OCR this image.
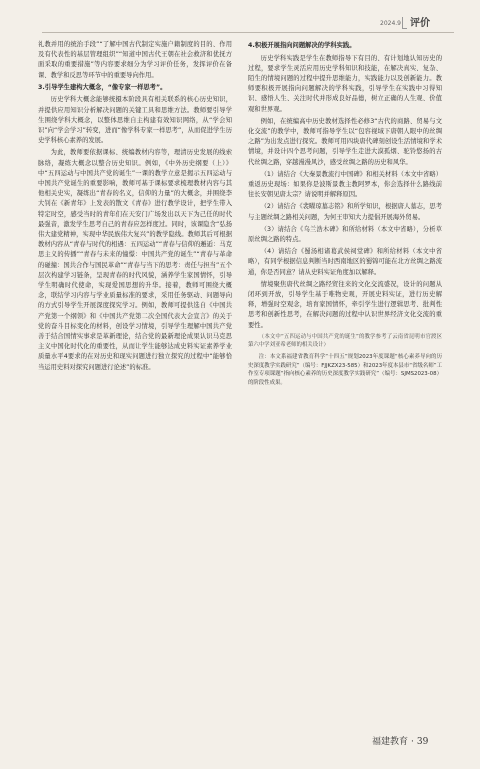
2024.9 评价

礼教并用的统治手段”“了解中国古代制定实施户籍制度的目的、作用及有代表性的基层管理组织”“知道中国古代王朝在社会救济和优抚方面采取的重要措施”等内容要求细分为学习评价任务，发挥评价在备课、教学和反思等环节中的重要导向作用。

3.引导学生建构大概念，“像专家一样思考”。

历史学科大概念能够统摄本阶段具有相关联系的核心历史知识，并提供应用知识分析解决问题的关键工具和思维方法。教师要引导学生围绕学科大概念，以整体思维自主构建有效知识网络，从“学会知识”向“学会学习”转变，进而“像学科专家一样思考”，从而促进学生历史学科核心素养的发展。

为此，教师要依据课标、统编教材内容等，理清历史发展的线索脉络，凝练大概念以整合历史知识。例如，《中外历史纲要（上）》中“五四运动与中国共产党的诞生”一课的教学立意是揭示五四运动与中国共产党诞生的重要影响，教师可基于课标要求梳理教材内容与其他相关史实，凝练出“青春的名义，信仰的力量”的大概念，并围绕李大钊在《新青年》上发表的散文《青春》进行教学设计，把学生带入特定时空，感受当时的青年们在天安门广场发出以天下为己任的时代最强音，激发学生思考自己的青春应怎样度过。同时，该课隐含“弘扬伟大建党精神，实现中华民族伟大复兴”的教学隐线。教师其后可根据教材内容从“青春与时代的相遇：五四运动”“青春与信仰的邂逅：马克思主义的传播”“青春与未来的憧憬：中国共产党的诞生”“青春与革命的碰撞：国共合作与国民革命”“青春与当下的思考：责任与担当”五个层次构建学习链条，呈现青春的时代风貌，涵养学生家国情怀，引导学生明确时代使命，实现爱国思想的升华。接着，教师可围绕大概念，联结学习内容与学业质量标准的要求，采用任务驱动、问题导向的方式引导学生开展深度探究学习。例如，教师可提供选自《中国共产党第一个纲领》和《中国共产党第二次全国代表大会宣言》的关于党的奋斗目标变化的材料，创设学习情境，引导学生理解中国共产党善于结合国情实事求是革新理论，结合党的最新理论成果认识马克思主义中国化时代化的重要性，从而让学生能够达成史料实证素养学业质量水平4要求的在对历史和现实问题进行独立探究的过程中“能够恰当运用史料对探究问题进行论述”的标准。

4.积极开展指向问题解决的学科实践。

历史学科实践是学生在教师指导下有目的、有计划地认知历史的过程，要求学生灵活应用历史学科知识和技能，在解决真实、复杂、陌生的情境问题的过程中提升思维能力，实践能力以及创新能力。教师要积极开展指向问题解决的学科实践，引导学生在实践中习得知识、感悟人生、关注时代并形成良好品德，树立正确的人生观、价值观和世界观。

例如，在统编高中历史教材选择性必修3“古代的商路、贸易与文化交流”的教学中，教师可指导学生以“包容视域下唐朝人眼中的丝绸之路”为出发点进行探究。教师可用四块唐代碑刻创设生活情境和学术情境，并设计四个思考问题，引导学生走进大漠孤烟、驼铃悠扬的古代丝绸之路，穿越漫漫风沙，感受丝绸之路的历史和风华。

（1）请结合《大秦景教流行中国碑》和相关材料（本文中省略）重返历史现场：如果你是波斯景教主教阿罗本，你会选择什么路线前往长安朝见唐太宗？请说明并解释原因。

（2）请结合《裴曜琼墓志铭》和所学知识，根据唐人墓志，思考与主题丝绸之路相关问题，为何王审知大力提倡开展海外贸易。

（3）请结合《乌兰浩木碑》和所给材料（本文中省略），分析草原丝绸之路的特点。

（4）请结合《蜀汤相诸葛武侯祠堂碑》和所给材料（本文中省略），有同学根据信息判断当时西南地区的蜀锦可能在北方丝绸之路流通，你是否同意？请从史料实证角度加以解释。

情境聚焦唐代丝绸之路经贸往来的文化交流盛况，设计的问题从闭环到开放，引导学生基于唯物史观，开展史料实证，进行历史解释，增强时空观念，培育家国情怀，牵引学生进行逻辑思考、批判性思考和创新性思考，在解决问题的过程中认识世界经济文化交流的重要性。

（本文中“五四运动与中国共产党的诞生”的教学参考了云南省昆明市官渡区第六中学刘亚希老师的相关设计）

注：本文系福建省教育科学“十四五”规划2023年度课题“核心素养导向的历史深度教学实践研究”（编号：FJJKZX23-585）和2023年度本县市“省级名师”工作室专项课题“指向核心素养的历史深度教学实践研究”（编号：SJMS2023-08）的阶段性成果。

福建教育 · 39
